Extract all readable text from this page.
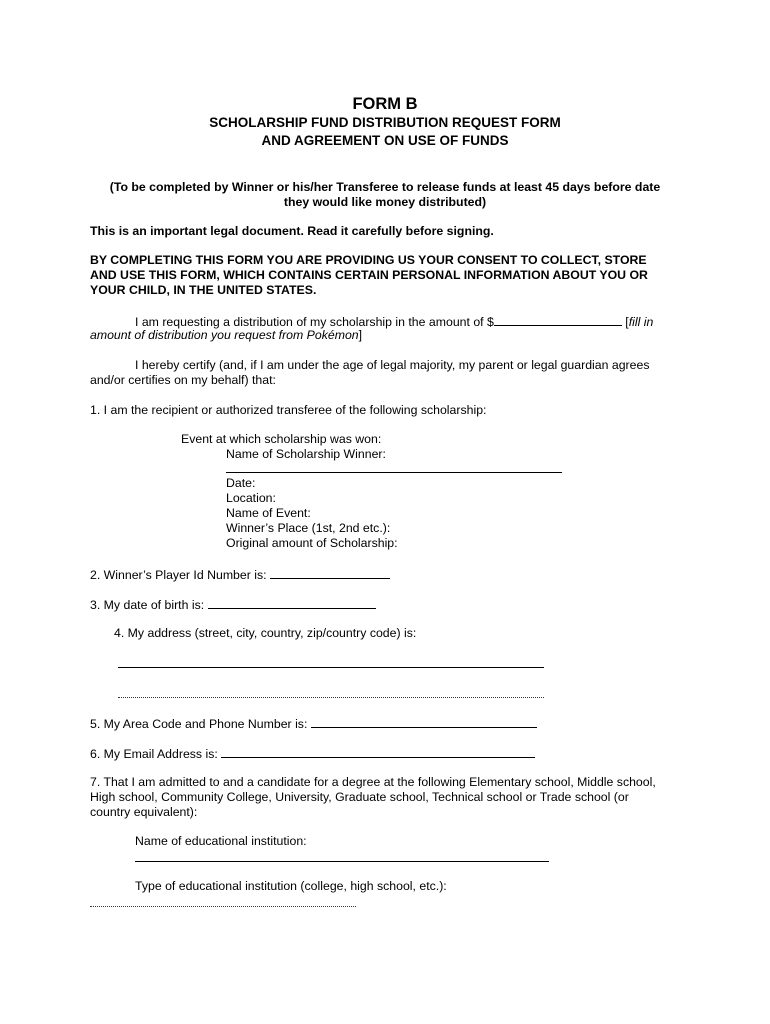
FORM B
SCHOLARSHIP FUND DISTRIBUTION REQUEST FORM
AND AGREEMENT ON USE OF FUNDS
(To be completed by Winner or his/her Transferee to release funds at least 45 days before date
they would like money distributed)
This is an important legal document. Read it carefully before signing.
BY COMPLETING THIS FORM YOU ARE PROVIDING US YOUR CONSENT TO COLLECT, STORE
AND USE THIS FORM, WHICH CONTAINS CERTAIN PERSONAL INFORMATION ABOUT YOU OR
YOUR CHILD, IN THE UNITED STATES.
I am requesting a distribution of my scholarship in the amount of $	[fill in
amount of distribution you request from Pokémon]
I hereby certify (and, if I am under the age of legal majority, my parent or legal guardian agrees
and/or certifies on my behalf) that:
1. I am the recipient or authorized transferee of the following scholarship:
Event at which scholarship was won:
Name of Scholarship Winner:
Date:
Location:
Name of Event:
Winner’s Place (1st, 2nd etc.):
Original amount of Scholarship:
2. Winner’s Player Id Number is:
3. My date of birth is:
4. My address (street, city, country, zip/country code) is:
5. My Area Code and Phone Number is:
6. My Email Address is:
7. That I am admitted to and a candidate for a degree at the following Elementary school, Middle school,
High school, Community College, University, Graduate school, Technical school or Trade school (or
country equivalent):
Name of educational institution:
Type of educational institution (college, high school, etc.):
